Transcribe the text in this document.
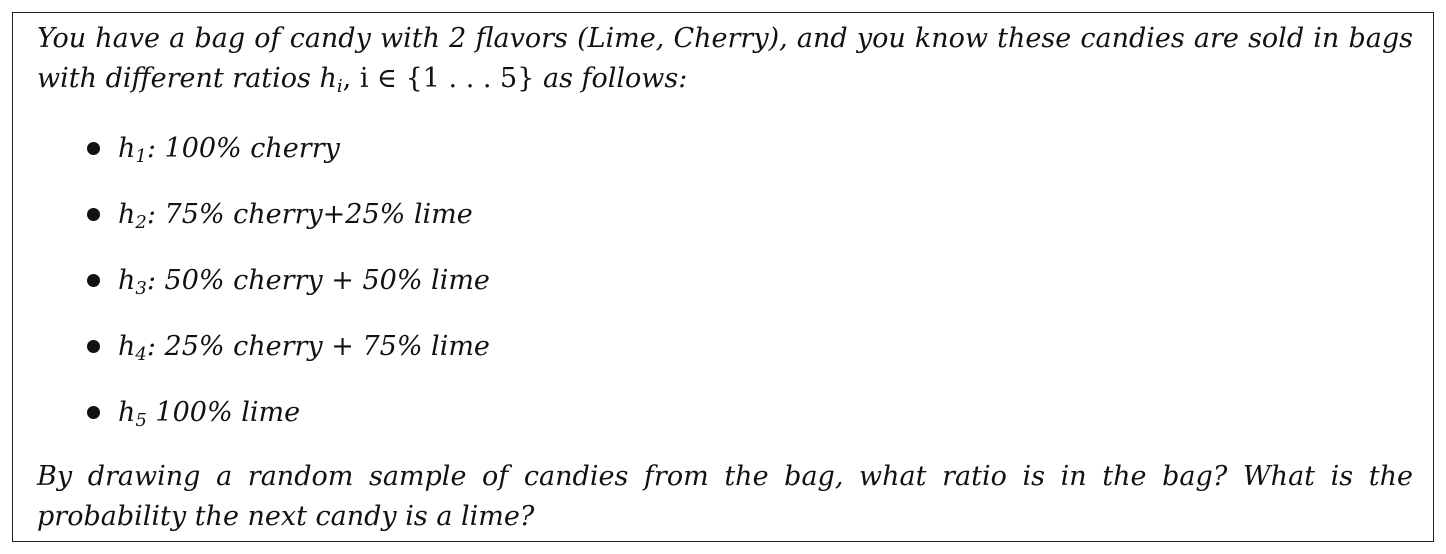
You have a bag of candy with 2 flavors (Lime, Cherry), and you know these candies are sold in bags with different ratios $h_i$, i ∈ {1 . . . 5} as follows:

$h_1$: 100% cherry
$h_2$: 75% cherry+25% lime
$h_3$: 50% cherry + 50% lime
$h_4$: 25% cherry + 75% lime
$h_5$ 100% lime

By drawing a random sample of candies from the bag, what ratio is in the bag? What is the probability the next candy is a lime?
